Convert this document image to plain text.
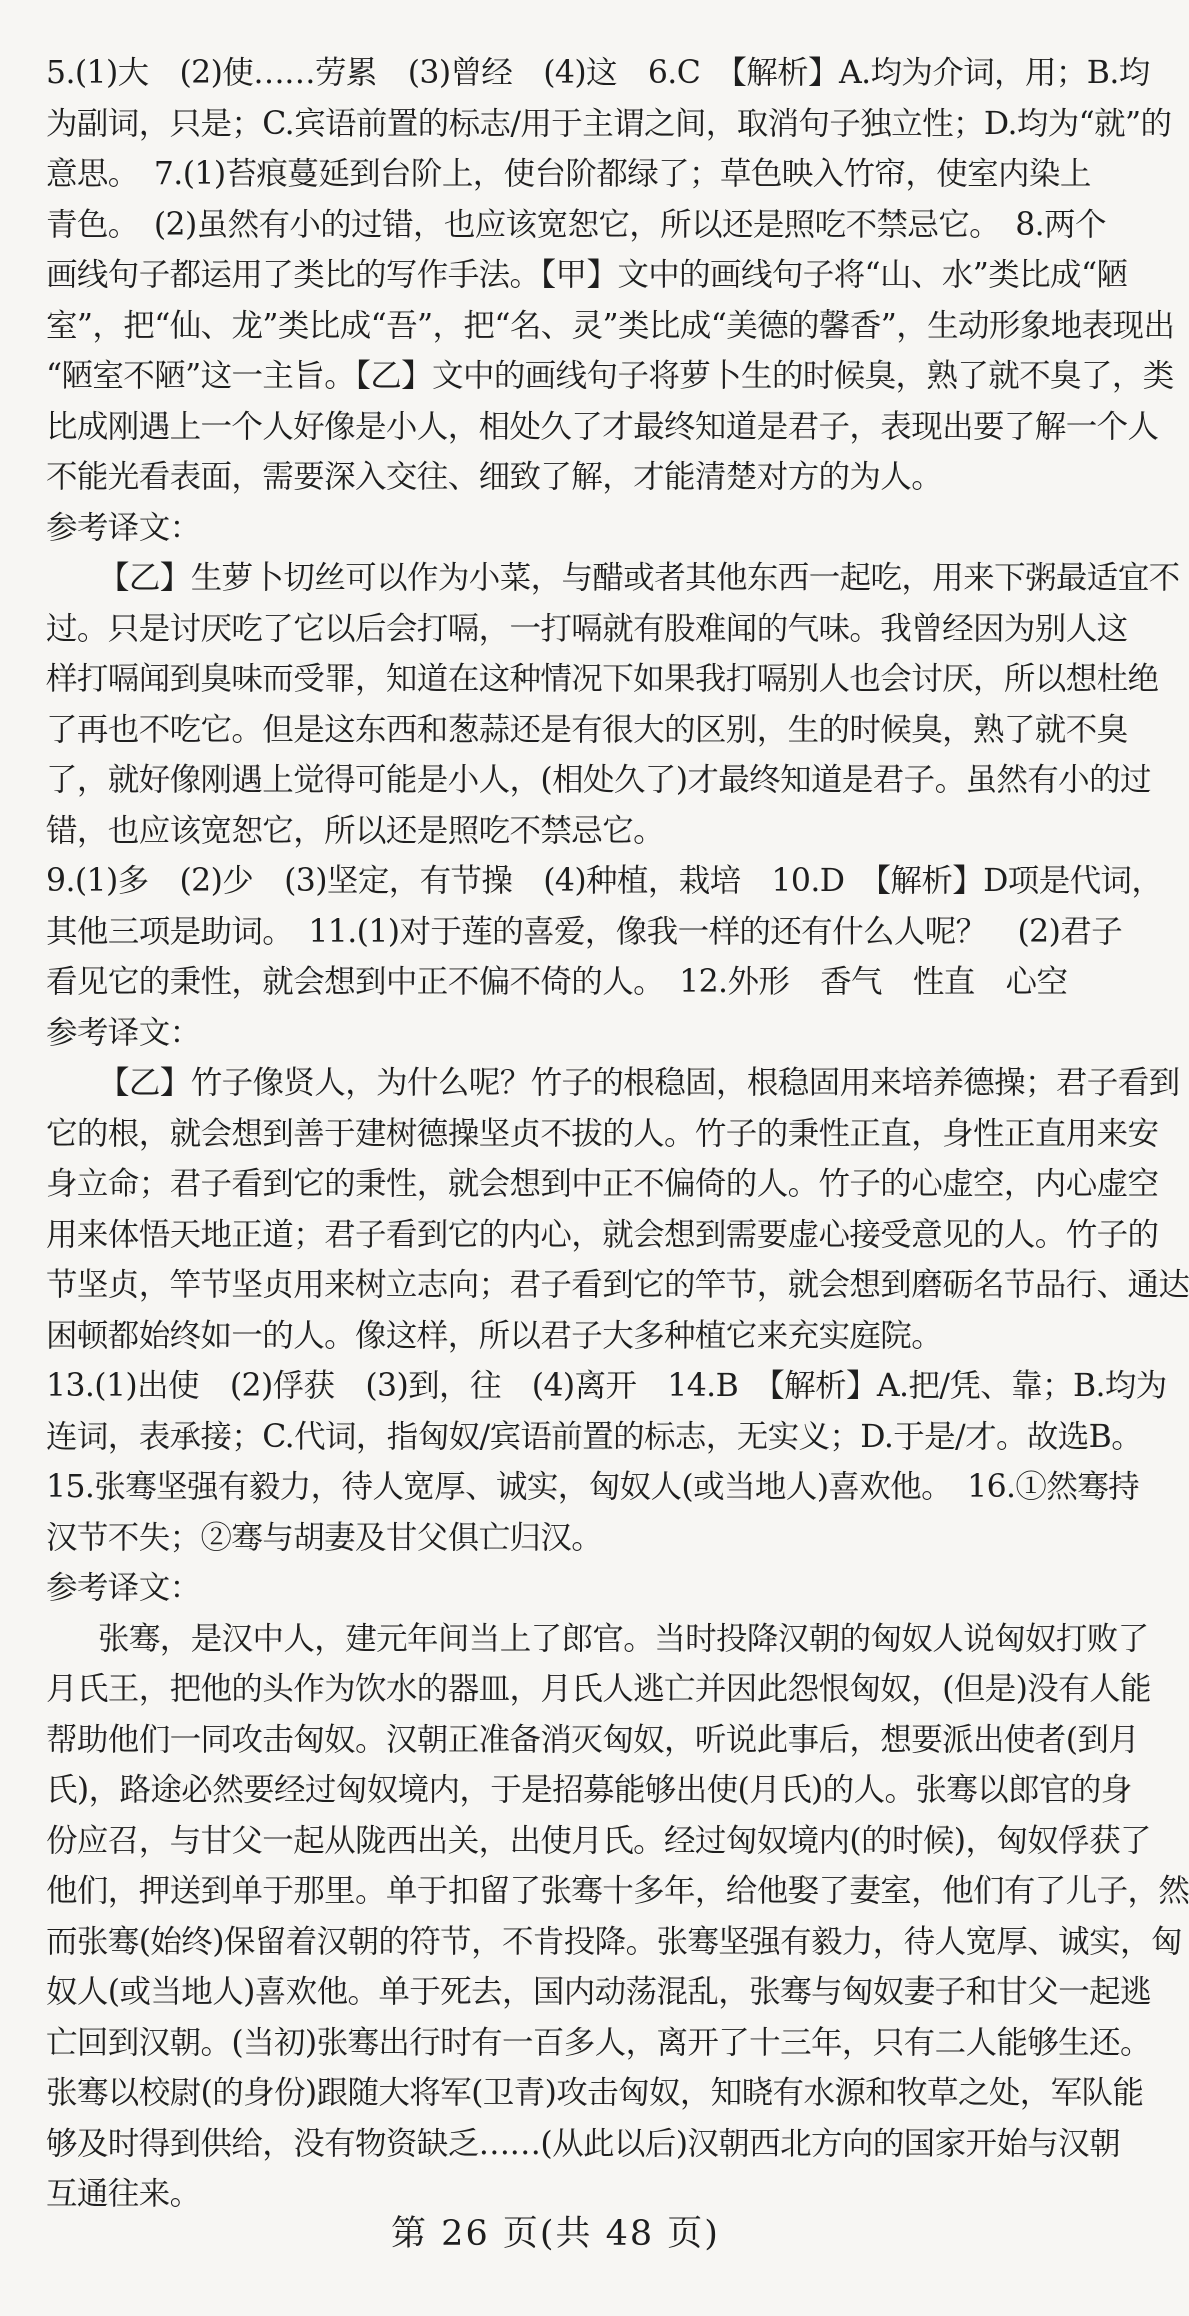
5.(1)大　(2)使……劳累　(3)曾经　(4)这　6.C　【解析】A.均为介词，用；B.均
为副词，只是；C.宾语前置的标志/用于主谓之间，取消句子独立性；D.均为“就”的
意思。　7.(1)苔痕蔓延到台阶上，使台阶都绿了；草色映入竹帘，使室内染上
青色。　(2)虽然有小的过错，也应该宽恕它，所以还是照吃不禁忌它。　8.两个
画线句子都运用了类比的写作手法。【甲】文中的画线句子将“山、水”类比成“陋
室”，把“仙、龙”类比成“吾”，把“名、灵”类比成“美德的馨香”，生动形象地表现出
“陋室不陋”这一主旨。【乙】文中的画线句子将萝卜生的时候臭，熟了就不臭了，类
比成刚遇上一个人好像是小人，相处久了才最终知道是君子，表现出要了解一个人
不能光看表面，需要深入交往、细致了解，才能清楚对方的为人。
参考译文：
【乙】生萝卜切丝可以作为小菜，与醋或者其他东西一起吃，用来下粥最适宜不
过。只是讨厌吃了它以后会打嗝，一打嗝就有股难闻的气味。我曾经因为别人这
样打嗝闻到臭味而受罪，知道在这种情况下如果我打嗝别人也会讨厌，所以想杜绝
了再也不吃它。但是这东西和葱蒜还是有很大的区别，生的时候臭，熟了就不臭
了，就好像刚遇上觉得可能是小人，(相处久了)才最终知道是君子。虽然有小的过
错，也应该宽恕它，所以还是照吃不禁忌它。
9.(1)多　(2)少　(3)坚定，有节操　(4)种植，栽培　10.D　【解析】D项是代词，
其他三项是助词。　11.(1)对于莲的喜爱，像我一样的还有什么人呢？　(2)君子
看见它的秉性，就会想到中正不偏不倚的人。　12.外形　香气　性直　心空
参考译文：
【乙】竹子像贤人，为什么呢？竹子的根稳固，根稳固用来培养德操；君子看到
它的根，就会想到善于建树德操坚贞不拔的人。竹子的秉性正直，身性正直用来安
身立命；君子看到它的秉性，就会想到中正不偏倚的人。竹子的心虚空，内心虚空
用来体悟天地正道；君子看到它的内心，就会想到需要虚心接受意见的人。竹子的
节坚贞，竿节坚贞用来树立志向；君子看到它的竿节，就会想到磨砺名节品行、通达
困顿都始终如一的人。像这样，所以君子大多种植它来充实庭院。
13.(1)出使　(2)俘获　(3)到，往　(4)离开　14.B　【解析】A.把/凭、靠；B.均为
连词，表承接；C.代词，指匈奴/宾语前置的标志，无实义；D.于是/才。故选B。
15.张骞坚强有毅力，待人宽厚、诚实，匈奴人(或当地人)喜欢他。　16.①然骞持
汉节不失；②骞与胡妻及甘父俱亡归汉。
参考译文：
张骞，是汉中人，建元年间当上了郎官。当时投降汉朝的匈奴人说匈奴打败了
月氏王，把他的头作为饮水的器皿，月氏人逃亡并因此怨恨匈奴，(但是)没有人能
帮助他们一同攻击匈奴。汉朝正准备消灭匈奴，听说此事后，想要派出使者(到月
氏)，路途必然要经过匈奴境内，于是招募能够出使(月氏)的人。张骞以郎官的身
份应召，与甘父一起从陇西出关，出使月氏。经过匈奴境内(的时候)，匈奴俘获了
他们，押送到单于那里。单于扣留了张骞十多年，给他娶了妻室，他们有了儿子，然
而张骞(始终)保留着汉朝的符节，不肯投降。张骞坚强有毅力，待人宽厚、诚实，匈
奴人(或当地人)喜欢他。单于死去，国内动荡混乱，张骞与匈奴妻子和甘父一起逃
亡回到汉朝。(当初)张骞出行时有一百多人，离开了十三年，只有二人能够生还。
张骞以校尉(的身份)跟随大将军(卫青)攻击匈奴，知晓有水源和牧草之处，军队能
够及时得到供给，没有物资缺乏……(从此以后)汉朝西北方向的国家开始与汉朝
互通往来。
第 26 页(共 48 页)
